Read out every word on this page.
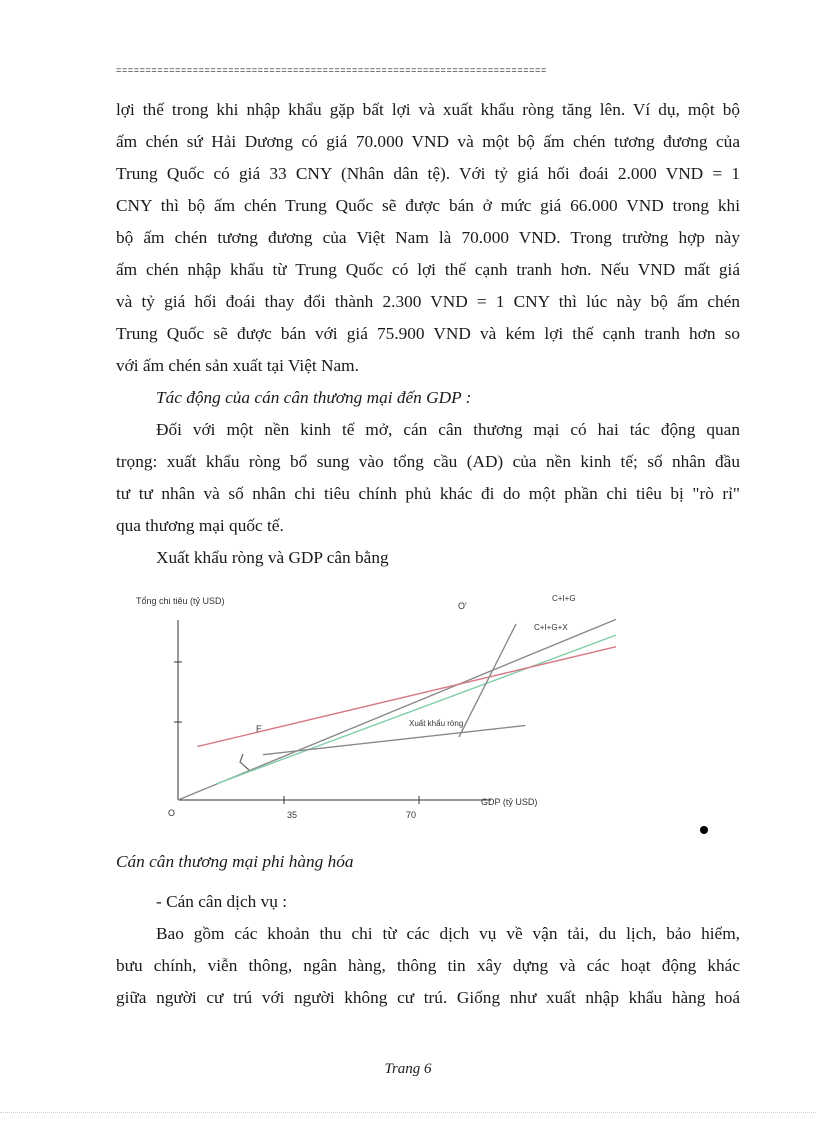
=========================================================================

lợi thế trong khi nhập khẩu gặp bất lợi và xuất khẩu ròng tăng lên. Ví dụ, một bộ

ấm chén sứ Hải Dương có giá 70.000 VND và một bộ ấm chén tương đương của

Trung Quốc có giá 33 CNY (Nhân dân tệ). Với tỷ giá hối đoái 2.000 VND = 1

CNY thì bộ ấm chén Trung Quốc sẽ được bán ở mức giá 66.000 VND trong khi

bộ ấm chén tương đương của Việt Nam là 70.000 VND. Trong trường hợp này

ấm chén nhập khẩu từ Trung Quốc có lợi thế cạnh tranh hơn. Nếu VND mất giá

và tỷ giá hối đoái thay đổi thành 2.300 VND = 1 CNY thì lúc này bộ ấm chén

Trung Quốc sẽ được bán với giá 75.900 VND và kém lợi thế cạnh tranh hơn so

với ấm chén sản xuất tại Việt Nam.

Tác động của cán cân thương mại đến GDP :

Đối với một nền kinh tế mở, cán cân thương mại có hai tác động quan

trọng: xuất khẩu ròng bổ sung vào tổng cầu (AD) của nền kinh tế; số nhân đầu

tư tư nhân và số nhân chi tiêu chính phủ khác đi do một phần chi tiêu bị "rò rỉ"

qua thương mại quốc tế.

Xuất khẩu ròng và GDP cân bằng
Tổng chi tiêu (tỷ USD)
O	35	70
GDP (tỷ USD)
E
O'
C+I+G
C+I+G+X
Xuất khẩu ròng
Cán cân thương mại phi hàng hóa
- Cán cân dịch vụ :

Bao gồm các khoản thu chi từ các dịch vụ về vận tải, du lịch, bảo hiểm,

bưu chính, viễn thông, ngân hàng, thông tin xây dựng và các hoạt động khác

giữa người cư trú với người không cư trú. Giống như xuất nhập khẩu hàng hoá

Trang 6
